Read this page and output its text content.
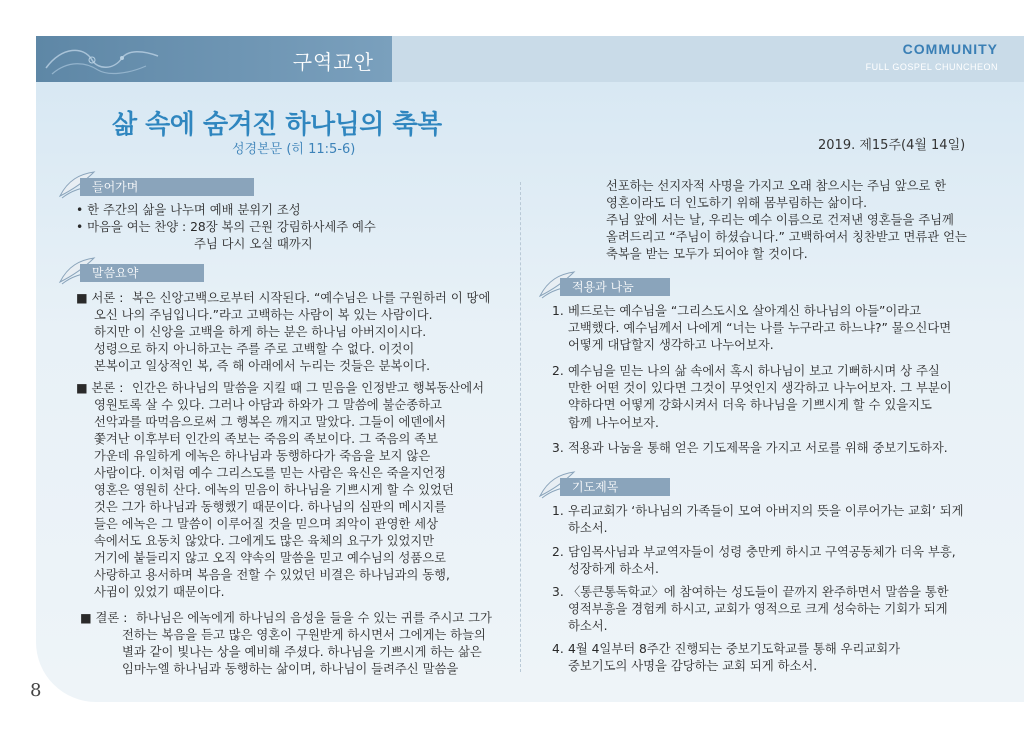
구역교안
COMMUNITY
FULL GOSPEL CHUNCHEON
삶 속에 숨겨진 하나님의 축복
성경본문 (히 11:5-6)	2019. 제15주(4월 14일)
들어가며
• 한 주간의 삶을 나누며 예배 분위기 조성
• 마음을 여는 찬양 : 28장 복의 근원 강림하사세주 예수
주님 다시 오실 때까지
말씀요약
■ 서론 : 복은 신앙고백으로부터 시작된다. “예수님은 나를 구원하러 이 땅에
오신 나의 주님입니다.”라고 고백하는 사람이 복 있는 사람이다.
하지만 이 신앙을 고백을 하게 하는 분은 하나님 아버지이시다.
성령으로 하지 아니하고는 주를 주로 고백할 수 없다. 이것이
본복이고 일상적인 복, 즉 해 아래에서 누리는 것들은 분복이다.
■ 본론 : 인간은 하나님의 말씀을 지킬 때 그 믿음을 인정받고 행복동산에서
영원토록 살 수 있다. 그러나 아담과 하와가 그 말씀에 불순종하고
선악과를 따먹음으로써 그 행복은 깨지고 말았다. 그들이 에덴에서
쫓겨난 이후부터 인간의 족보는 죽음의 족보이다. 그 죽음의 족보
가운데 유일하게 에녹은 하나님과 동행하다가 죽음을 보지 않은
사람이다. 이처럼 예수 그리스도를 믿는 사람은 육신은 죽을지언정
영혼은 영원히 산다. 에녹의 믿음이 하나님을 기쁘시게 할 수 있었던
것은 그가 하나님과 동행했기 때문이다. 하나님의 심판의 메시지를
들은 에녹은 그 말씀이 이루어질 것을 믿으며 죄악이 관영한 세상
속에서도 요동치 않았다. 그에게도 많은 육체의 요구가 있었지만
거기에 붙들리지 않고 오직 약속의 말씀을 믿고 예수님의 성품으로
사랑하고 용서하며 복음을 전할 수 있었던 비결은 하나님과의 동행,
사귐이 있었기 때문이다.
■ 결론 : 하나님은 에녹에게 하나님의 음성을 들을 수 있는 귀를 주시고 그가
전하는 복음을 듣고 많은 영혼이 구원받게 하시면서 그에게는 하늘의
별과 같이 빛나는 상을 예비해 주셨다. 하나님을 기쁘시게 하는 삶은
임마누엘 하나님과 동행하는 삶이며, 하나님이 들려주신 말씀을
선포하는 선지자적 사명을 가지고 오래 참으시는 주님 앞으로 한
영혼이라도 더 인도하기 위해 몸부림하는 삶이다.
주님 앞에 서는 날, 우리는 예수 이름으로 건져낸 영혼들을 주님께
올려드리고 “주님이 하셨습니다.” 고백하여서 칭찬받고 면류관 얻는
축복을 받는 모두가 되어야 할 것이다.
적용과 나눔
1. 베드로는 예수님을 “그리스도시오 살아계신 하나님의 아들”이라고
고백했다. 예수님께서 나에게 “너는 나를 누구라고 하느냐?” 물으신다면
어떻게 대답할지 생각하고 나누어보자.
2. 예수님을 믿는 나의 삶 속에서 혹시 하나님이 보고 기뻐하시며 상 주실
만한 어떤 것이 있다면 그것이 무엇인지 생각하고 나누어보자. 그 부분이
약하다면 어떻게 강화시켜서 더욱 하나님을 기쁘시게 할 수 있을지도
함께 나누어보자.
3. 적용과 나눔을 통해 얻은 기도제목을 가지고 서로를 위해 중보기도하자.
기도제목
1. 우리교회가 ‘하나님의 가족들이 모여 아버지의 뜻을 이루어가는 교회’ 되게
하소서.
2. 담임목사님과 부교역자들이 성령 충만케 하시고 구역공동체가 더욱 부흥,
성장하게 하소서.
3. 〈통큰통독학교〉에 참여하는 성도들이 끝까지 완주하면서 말씀을 통한
영적부흥을 경험케 하시고, 교회가 영적으로 크게 성숙하는 기회가 되게
하소서.
4. 4월 4일부터 8주간 진행되는 중보기도학교를 통해 우리교회가
중보기도의 사명을 감당하는 교회 되게 하소서.
8
